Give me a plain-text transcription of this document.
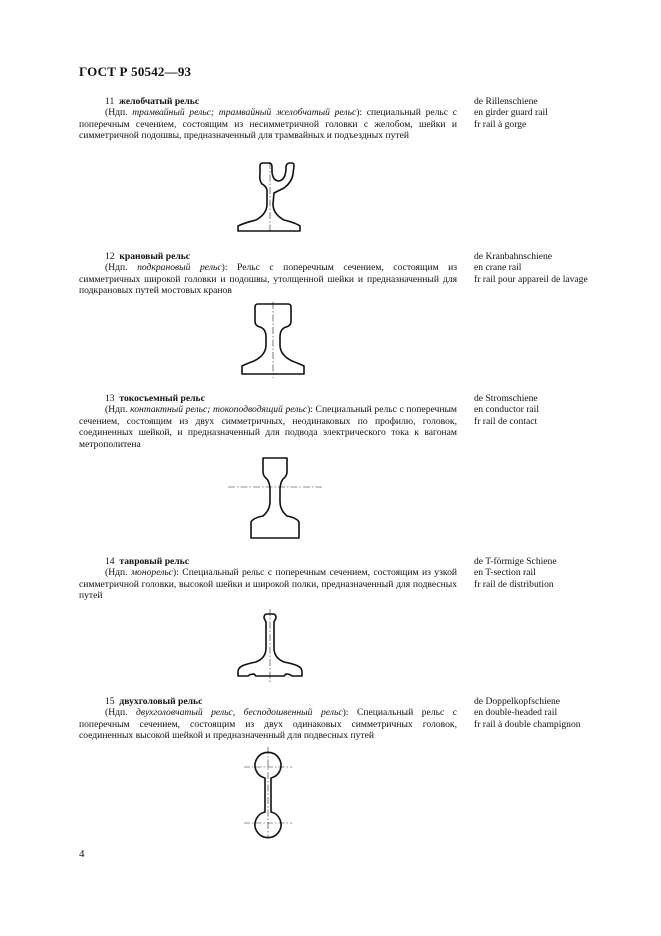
ГОСТ Р 50542—93

11 желобчатый рельс

(Ндп. трамвайный рельс; трамвайный желобчатый рельс): специальный рельс с поперечным сечением, состоящим из несимметричной головки с желобом, шейки и симметричной подошвы, предназначенный для трамвайных и подъездных путей

de Rillenschiene
en girder guard rail
fr rail à gorge

12 крановый рельс

(Ндп. подкрановый рельс): Рельс с поперечным сечением, состоящим из симметричных широкой головки и подошвы, утолщенной шейки и предназначенный для подкрановых путей мостовых кранов

de Kranbahnschiene
en crane rail
fr rail pour appareil de lavage

13 токосъемный рельс

(Ндп. контактный рельс; токоподводящий рельс): Специальный рельс с поперечным сечением, состоящим из двух симметричных, неодинаковых по профилю, головок, соединенных шейкой, и предназначенный для подвода электрического тока к вагонам метрополитена

de Stromschiene
en conductor rail
fr rail de contact

14 тавровый рельс

(Ндп. монорельс): Специальный рельс с поперечным сечением, состоящим из узкой симметричной головки, высокой шейки и широкой полки, предназначенный для подвесных путей

de T-förmige Schiene
en T-section rail
fr rail de distribution

15 двухголовый рельс

(Ндп. двухголовчатый рельс, бесподошвенный рельс): Специальный рельс с поперечным сечением, состоящим из двух одинаковых симметричных головок, соединенных высокой шейкой и предназначенный для подвесных путей

de Doppelkopfschiene
en double-headed rail
fr rail à double champignon
4
